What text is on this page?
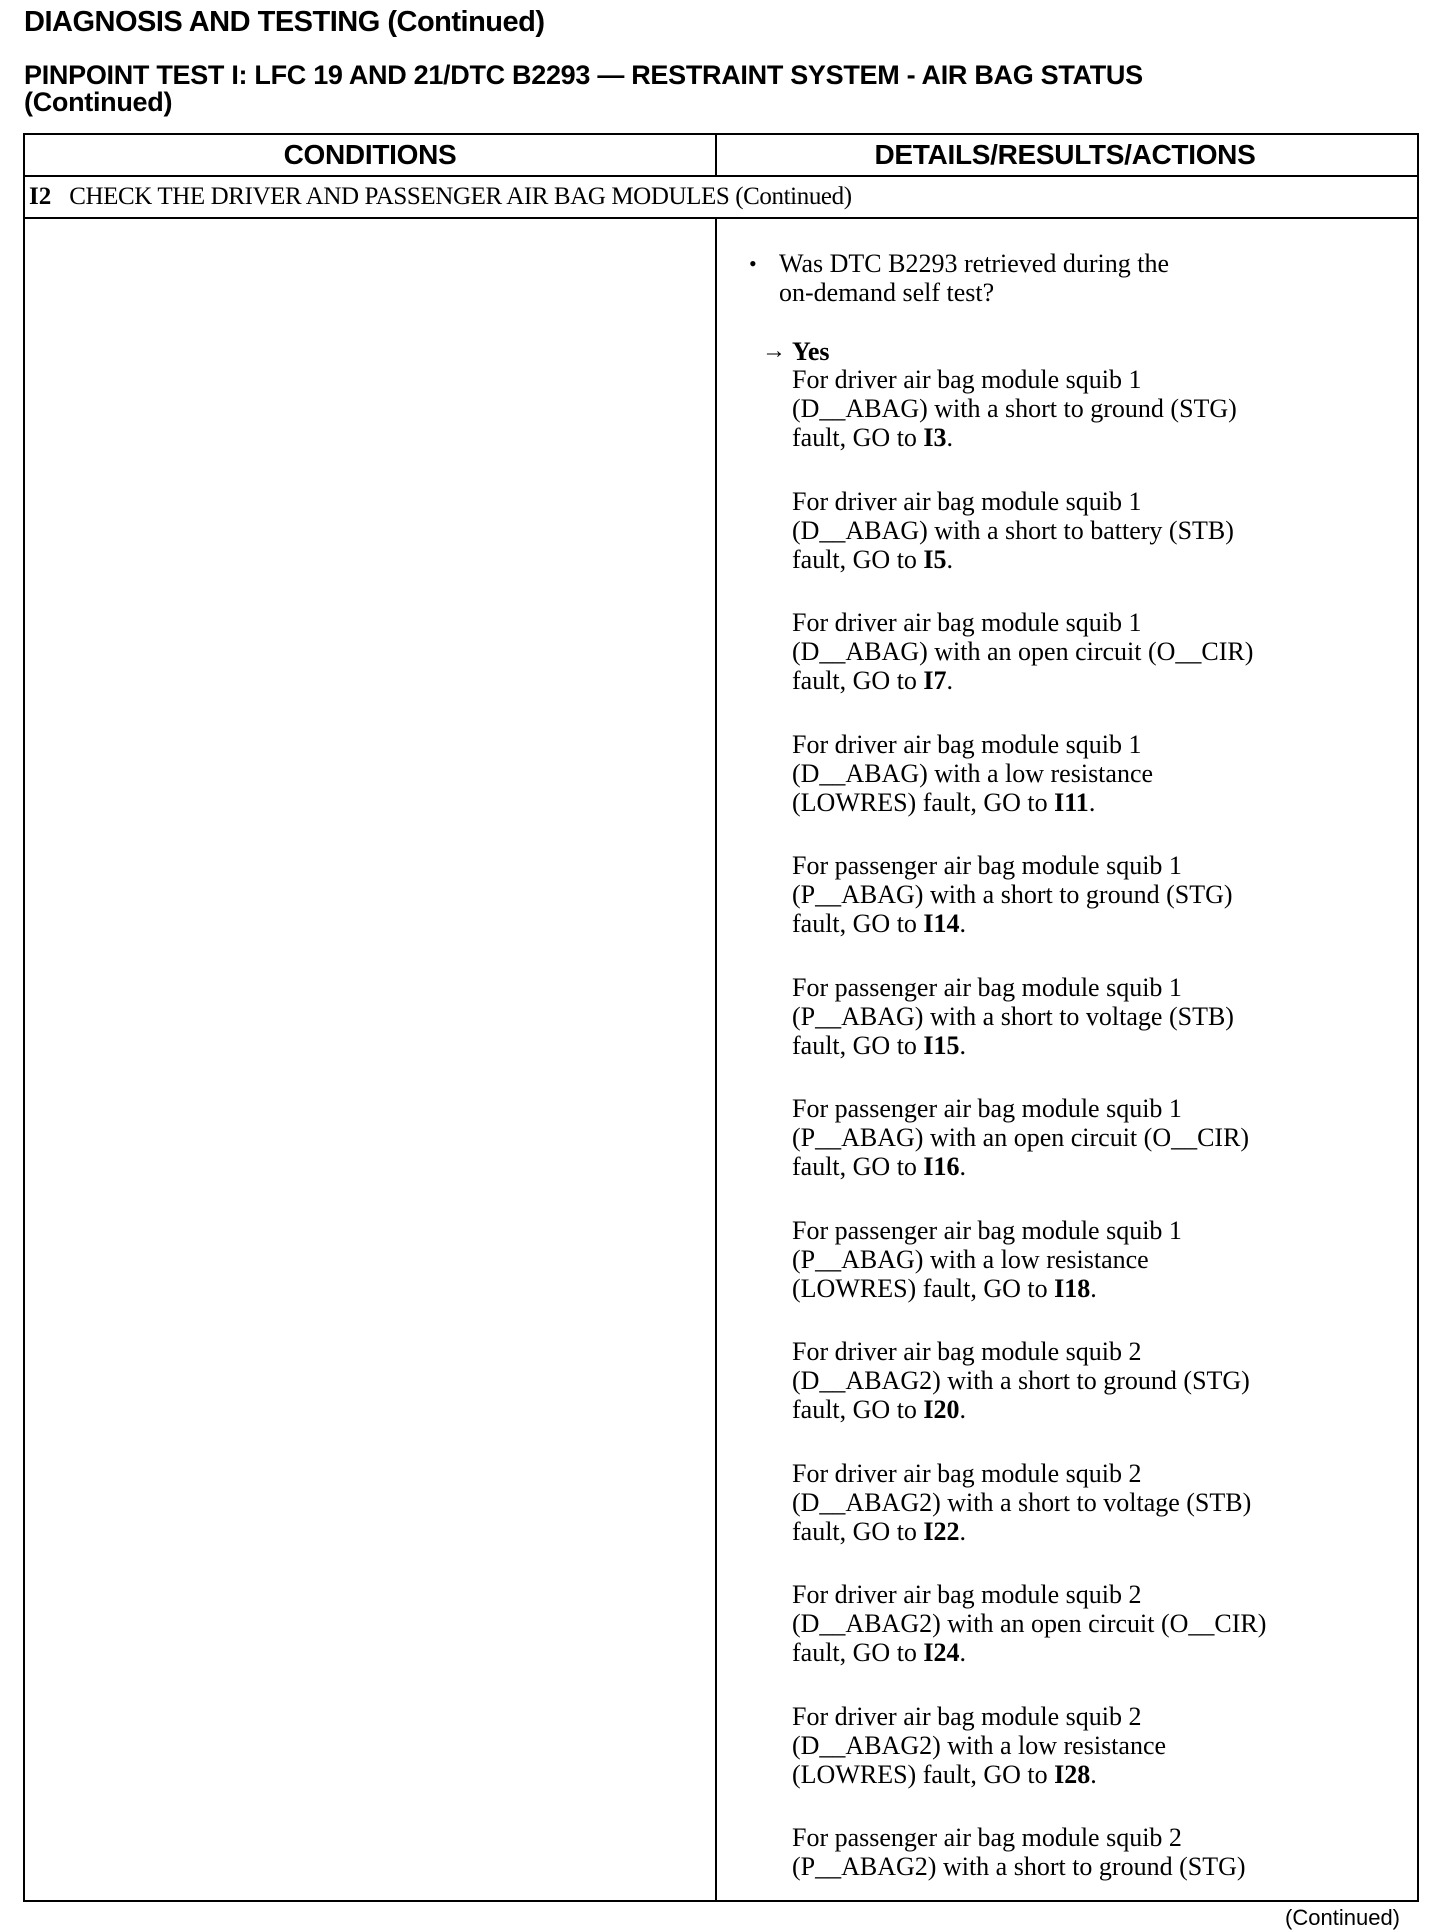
DIAGNOSIS AND TESTING (Continued)
PINPOINT TEST I: LFC 19 AND 21/DTC B2293 — RESTRAINT SYSTEM - AIR BAG STATUS
(Continued)
CONDITIONS	DETAILS/RESULTS/ACTIONS
I2 CHECK THE DRIVER AND PASSENGER AIR BAG MODULES (Continued)
• Was DTC B2293 retrieved during the
on-demand self test?
→ Yes
For driver air bag module squib 1
(D__ABAG) with a short to ground (STG)
fault, GO to I3.
For driver air bag module squib 1
(D__ABAG) with a short to battery (STB)
fault, GO to I5.
For driver air bag module squib 1
(D__ABAG) with an open circuit (O__CIR)
fault, GO to I7.
For driver air bag module squib 1
(D__ABAG) with a low resistance
(LOWRES) fault, GO to I11.
For passenger air bag module squib 1
(P__ABAG) with a short to ground (STG)
fault, GO to I14.
For passenger air bag module squib 1
(P__ABAG) with a short to voltage (STB)
fault, GO to I15.
For passenger air bag module squib 1
(P__ABAG) with an open circuit (O__CIR)
fault, GO to I16.
For passenger air bag module squib 1
(P__ABAG) with a low resistance
(LOWRES) fault, GO to I18.
For driver air bag module squib 2
(D__ABAG2) with a short to ground (STG)
fault, GO to I20.
For driver air bag module squib 2
(D__ABAG2) with a short to voltage (STB)
fault, GO to I22.
For driver air bag module squib 2
(D__ABAG2) with an open circuit (O__CIR)
fault, GO to I24.
For driver air bag module squib 2
(D__ABAG2) with a low resistance
(LOWRES) fault, GO to I28.
For passenger air bag module squib 2
(P__ABAG2) with a short to ground (STG)
(Continued)
